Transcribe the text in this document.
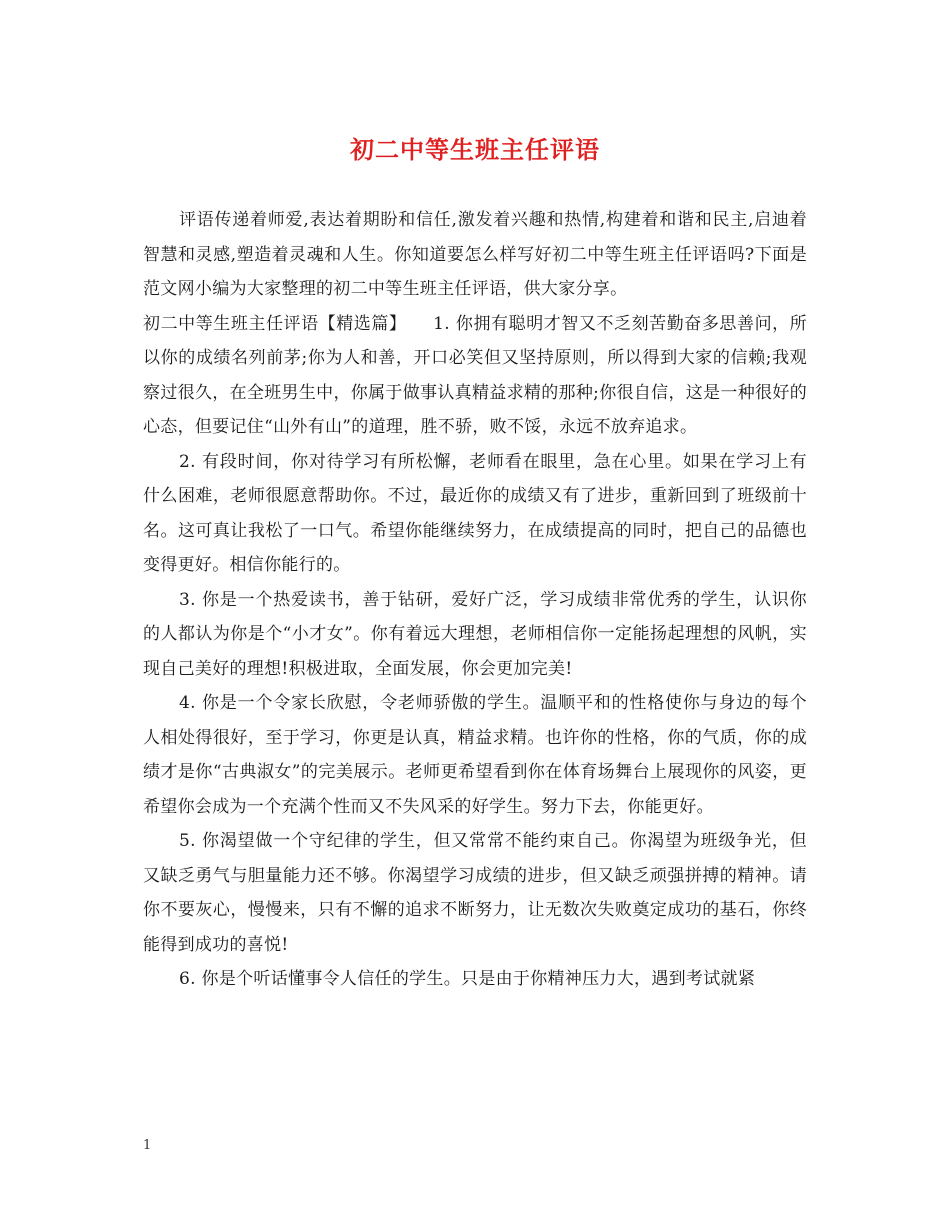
初二中等生班主任评语

评语传递着师爱,表达着期盼和信任,激发着兴趣和热情,构建着和谐和民主,启迪着智慧和灵感,塑造着灵魂和人生。你知道要怎么样写好初二中等生班主任评语吗?下面是范文网小编为大家整理的初二中等生班主任评语，供大家分享。

初二中等生班主任评语【精选篇】　　1. 你拥有聪明才智又不乏刻苦勤奋多思善问，所以你的成绩名列前茅;你为人和善，开口必笑但又坚持原则，所以得到大家的信赖;我观察过很久，在全班男生中，你属于做事认真精益求精的那种;你很自信，这是一种很好的心态，但要记住“山外有山”的道理，胜不骄，败不馁，永远不放弃追求。

2. 有段时间，你对待学习有所松懈，老师看在眼里，急在心里。如果在学习上有什么困难，老师很愿意帮助你。不过，最近你的成绩又有了进步，重新回到了班级前十名。这可真让我松了一口气。希望你能继续努力，在成绩提高的同时，把自己的品德也变得更好。相信你能行的。

3. 你是一个热爱读书，善于钻研，爱好广泛，学习成绩非常优秀的学生，认识你的人都认为你是个“小才女”。你有着远大理想，老师相信你一定能扬起理想的风帆，实现自己美好的理想!积极进取，全面发展，你会更加完美!

4. 你是一个令家长欣慰，令老师骄傲的学生。温顺平和的性格使你与身边的每个人相处得很好，至于学习，你更是认真，精益求精。也许你的性格，你的气质，你的成绩才是你“古典淑女”的完美展示。老师更希望看到你在体育场舞台上展现你的风姿，更希望你会成为一个充满个性而又不失风采的好学生。努力下去，你能更好。

5. 你渴望做一个守纪律的学生，但又常常不能约束自己。你渴望为班级争光，但又缺乏勇气与胆量能力还不够。你渴望学习成绩的进步，但又缺乏顽强拼搏的精神。请你不要灰心，慢慢来，只有不懈的追求不断努力，让无数次失败奠定成功的基石，你终能得到成功的喜悦!

6. 你是个听话懂事令人信任的学生。只是由于你精神压力大，遇到考试就紧

1
